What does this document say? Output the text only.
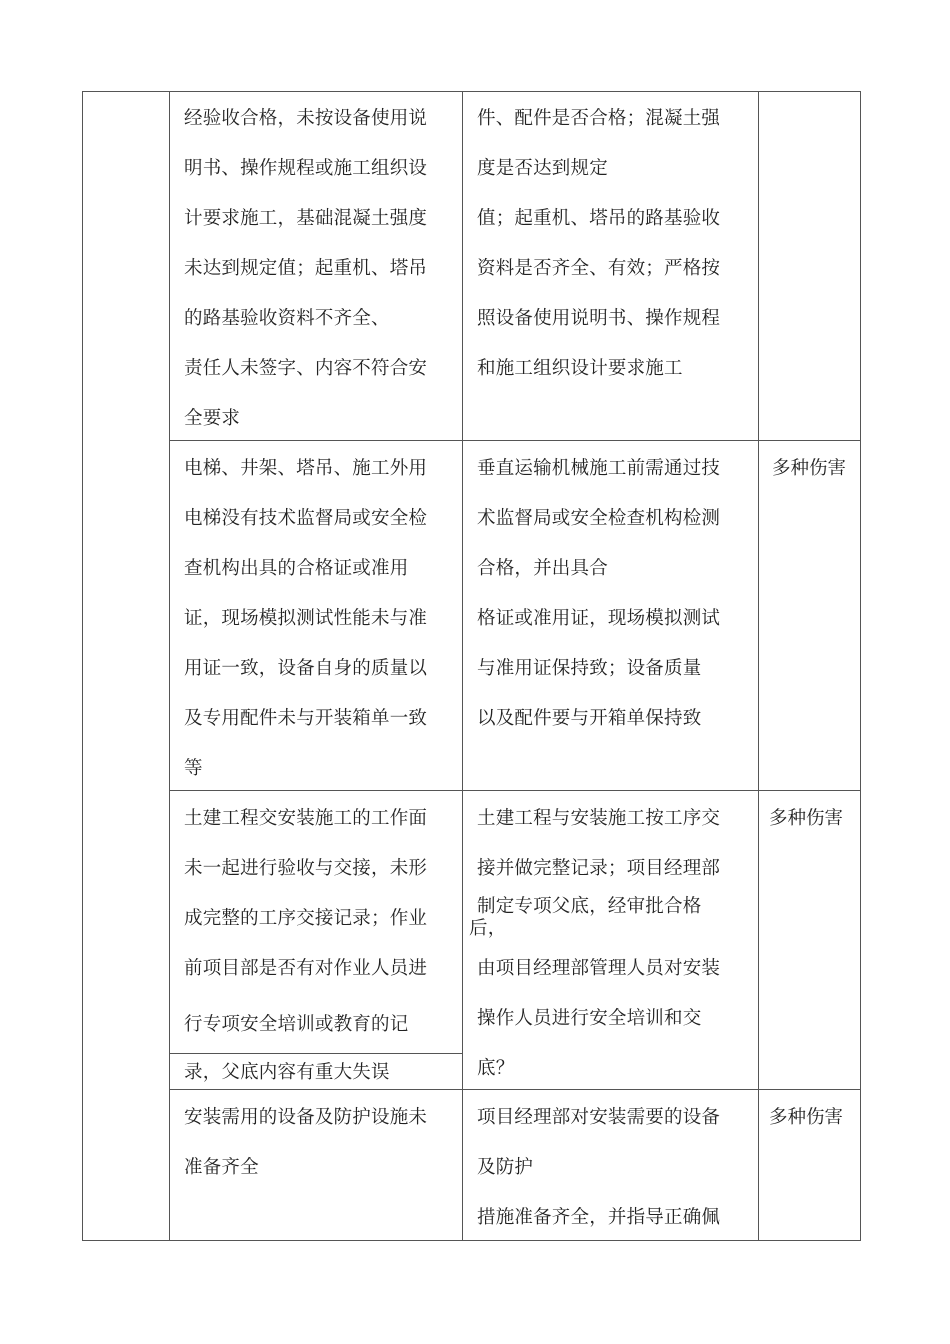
经验收合格，未按设备使用说
明书、操作规程或施工组织设
计要求施工，基础混凝土强度
未达到规定值；起重机、塔吊
的路基验收资料不齐全、
责任人未签字、内容不符合安
全要求
件、配件是否合格；混凝土强
度是否达到规定
值；起重机、塔吊的路基验收
资料是否齐全、有效；严格按
照设备使用说明书、操作规程
和施工组织设计要求施工
电梯、井架、塔吊、施工外用
电梯没有技术监督局或安全检
查机构出具的合格证或准用
证，现场模拟测试性能未与准
用证一致，设备自身的质量以
及专用配件未与开装箱单一致
等
垂直运输机械施工前需通过技
术监督局或安全检查机构检测
合格，并出具合
格证或准用证，现场模拟测试
与准用证保持致；设备质量
以及配件要与开箱单保持致
多种伤害
土建工程交安装施工的工作面
未一起进行验收与交接，未形
成完整的工序交接记录；作业
前项目部是否有对作业人员进
行专项安全培训或教育的记
录，父底内容有重大失误
土建工程与安装施工按工序交
接并做完整记录；项目经理部
制定专项父底，经审批合格
后，
由项目经理部管理人员对安装
操作人员进行安全培训和交
底？
多种伤害
安装需用的设备及防护设施未
准备齐全
项目经理部对安装需要的设备
及防护
措施准备齐全，并指导正确佩
多种伤害
